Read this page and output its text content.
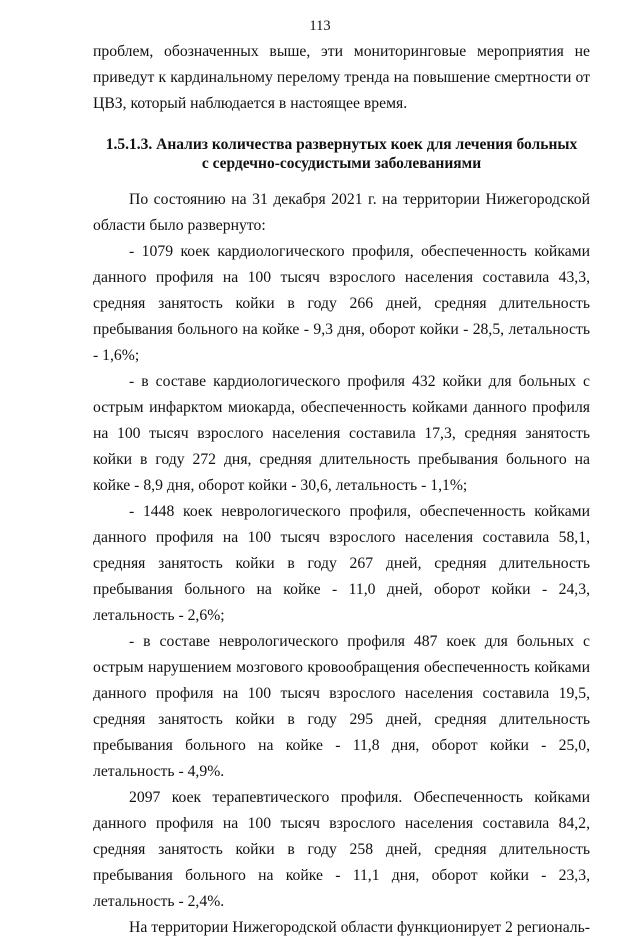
113

проблем, обозначенных выше, эти мониторинговые мероприятия не приведут к кардинальному перелому тренда на повышение смертности от ЦВЗ, который наблюдается в настоящее время.

1.5.1.3. Анализ количества развернутых коек для лечения больных
с сердечно-сосудистыми заболеваниями

По состоянию на 31 декабря 2021 г. на территории Нижегородской области было развернуто:

- 1079 коек кардиологического профиля, обеспеченность койками данного профиля на 100 тысяч взрослого населения составила 43,3, средняя занятость койки в году 266 дней, средняя длительность пребывания больного на койке - 9,3 дня, оборот койки - 28,5, летальность - 1,6%;

- в составе кардиологического профиля 432 койки для больных с острым инфарктом миокарда, обеспеченность койками данного профиля на 100 тысяч взрослого населения составила 17,3, средняя занятость койки в году 272 дня, средняя длительность пребывания больного на койке - 8,9 дня, оборот койки - 30,6, летальность - 1,1%;

- 1448 коек неврологического профиля, обеспеченность койками данного профиля на 100 тысяч взрослого населения составила 58,1, средняя занятость койки в году 267 дней, средняя длительность пребывания больного на койке - 11,0 дней, оборот койки - 24,3, летальность - 2,6%;

- в составе неврологического профиля 487 коек для больных с острым нарушением мозгового кровообращения обеспеченность койками данного профиля на 100 тысяч взрослого населения составила 19,5, средняя занятость койки в году 295 дней, средняя длительность пребывания больного на койке - 11,8 дня, оборот койки - 25,0, летальность - 4,9%.

2097 коек терапевтического профиля. Обеспеченность койками данного профиля на 100 тысяч взрослого населения составила 84,2, средняя занятость койки в году 258 дней, средняя длительность пребывания больного на койке - 11,1 дня, оборот койки - 23,3, летальность - 2,4%.

На территории Нижегородской области функционирует 2 региональ-
